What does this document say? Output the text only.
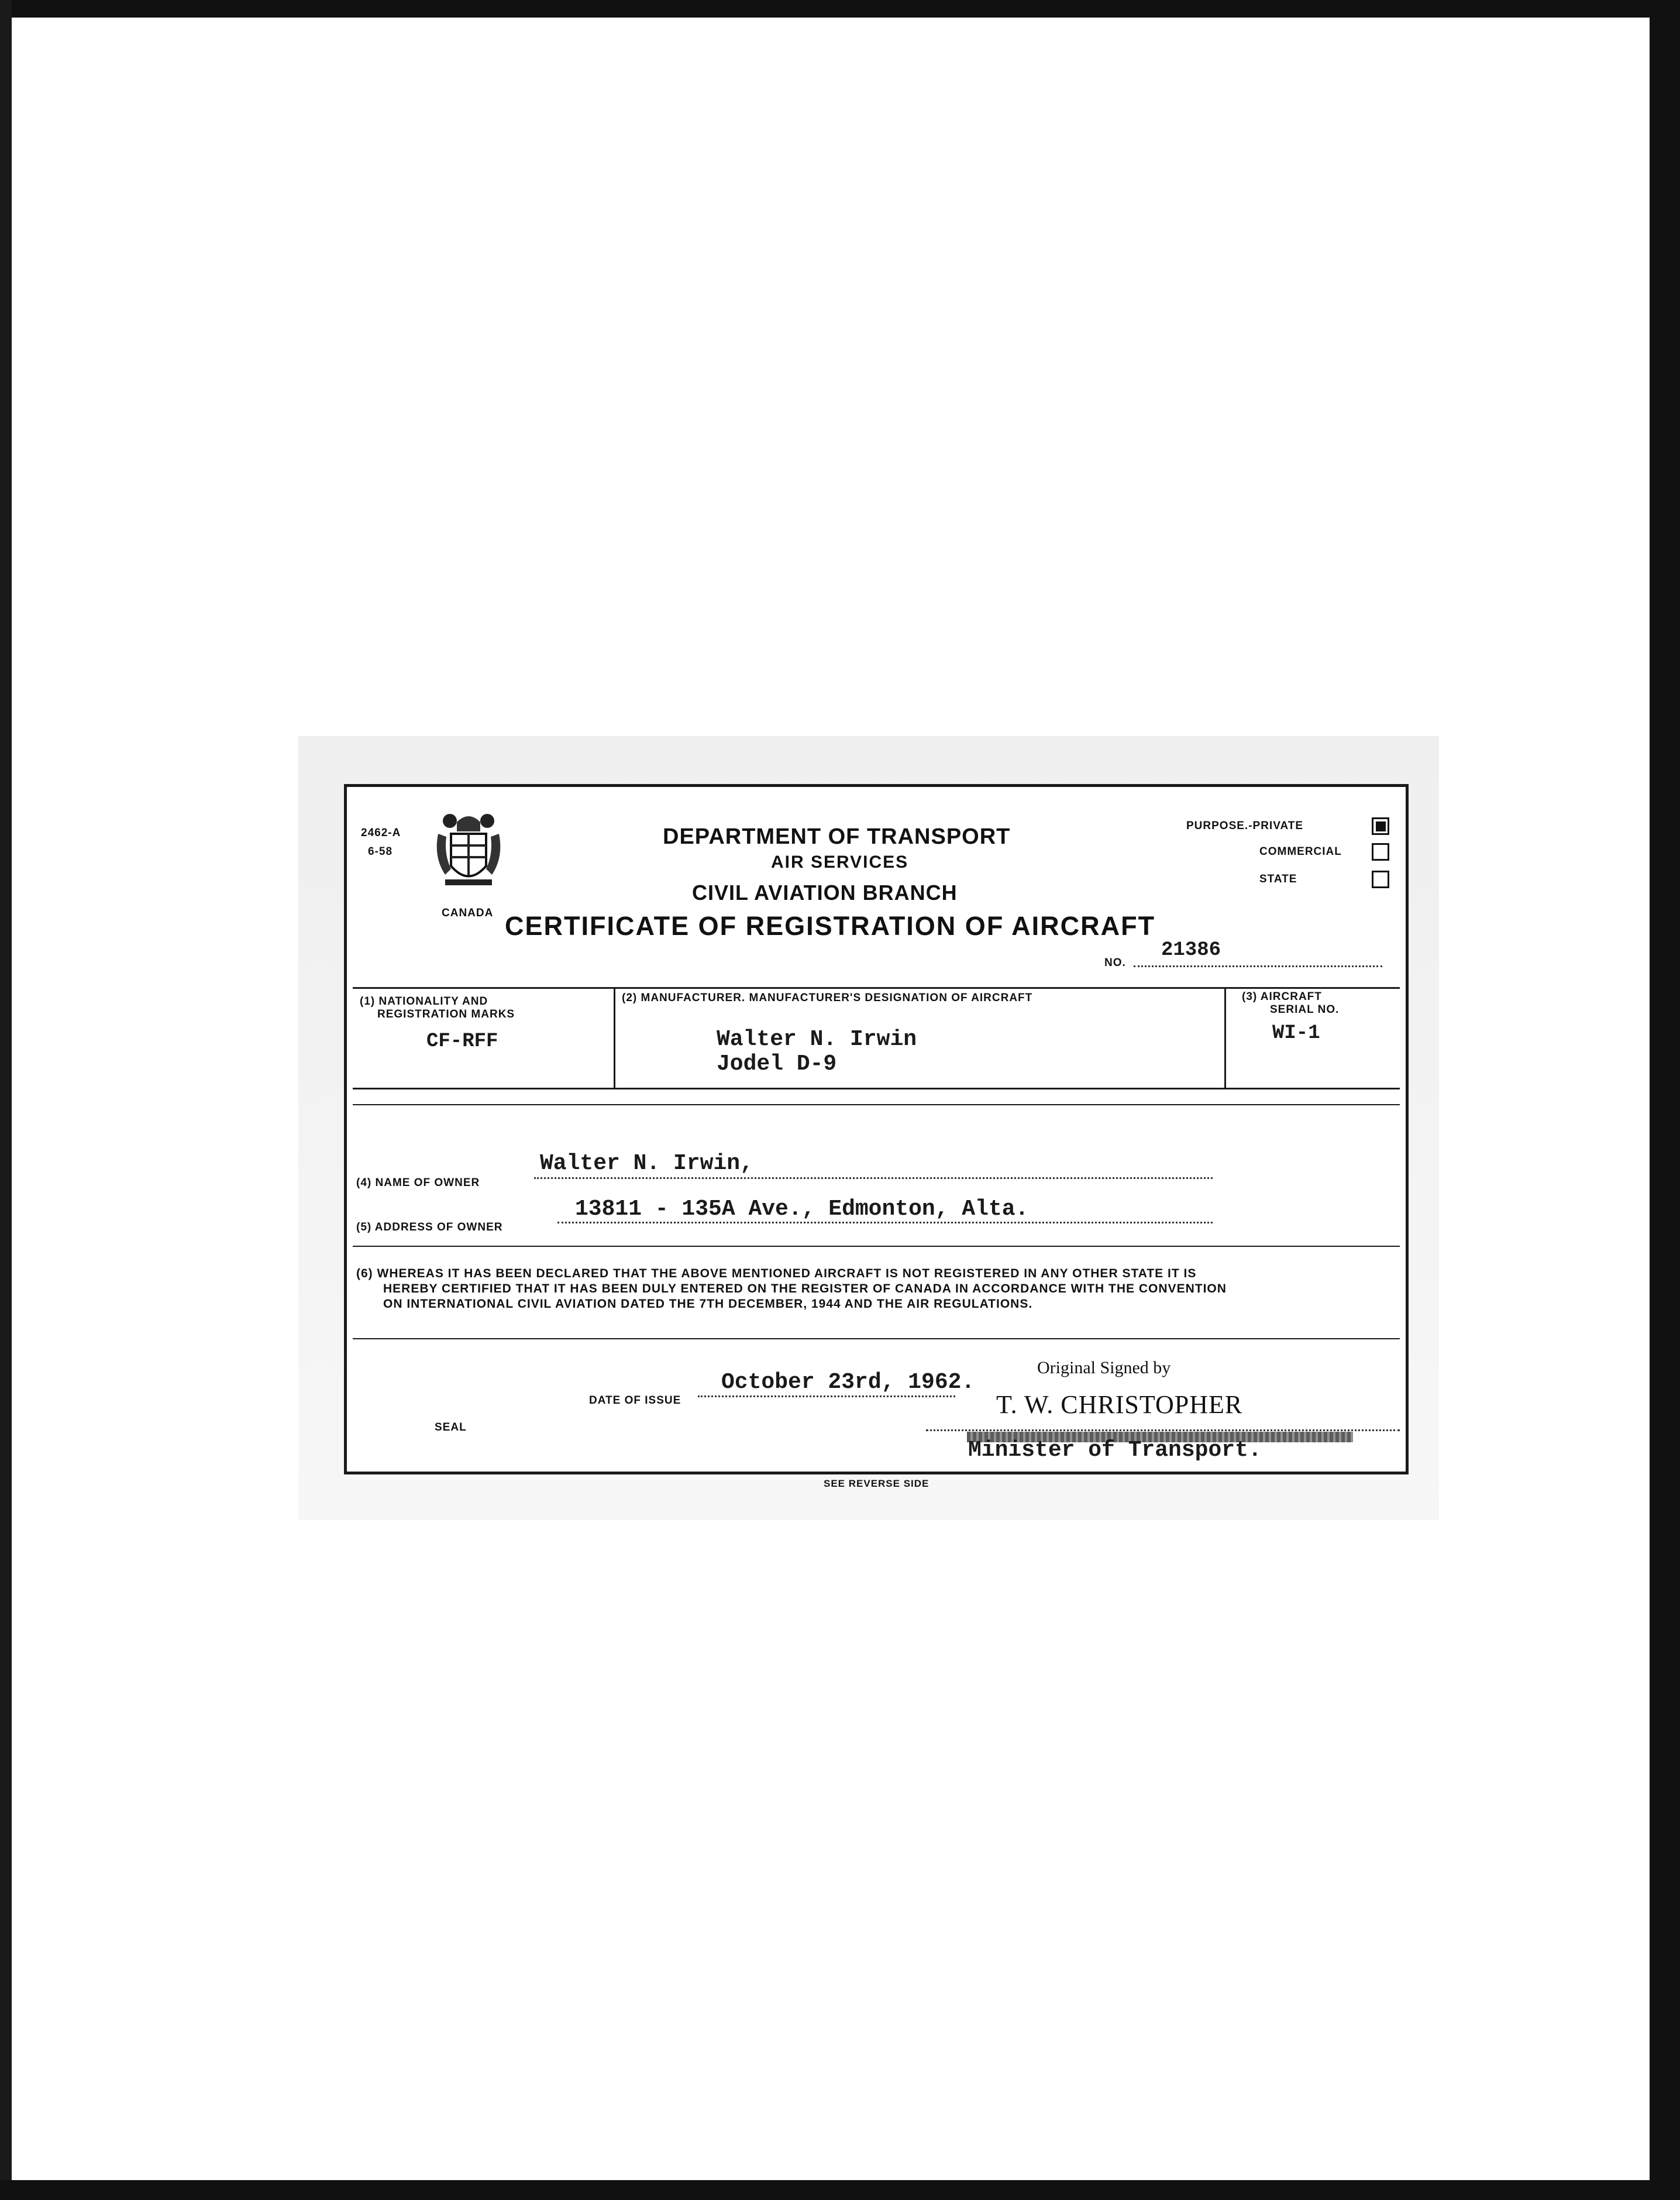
2462-A
6-58
CANADA
DEPARTMENT OF TRANSPORT
AIR SERVICES
CIVIL AVIATION BRANCH
CERTIFICATE OF REGISTRATION OF AIRCRAFT
NO.
21386
PURPOSE.-PRIVATE
COMMERCIAL
STATE
(1) NATIONALITY AND
REGISTRATION MARKS
CF-RFF
(2) MANUFACTURER. MANUFACTURER'S DESIGNATION OF AIRCRAFT
Walter N. Irwin
Jodel D-9
(3) AIRCRAFT
SERIAL NO.
WI-1
(4) NAME OF OWNER
Walter N. Irwin,
(5) ADDRESS OF OWNER
13811 - 135A Ave., Edmonton, Alta.
(6) WHEREAS IT HAS BEEN DECLARED THAT THE ABOVE MENTIONED AIRCRAFT IS NOT REGISTERED IN ANY OTHER STATE IT IS
HEREBY CERTIFIED THAT IT HAS BEEN DULY ENTERED ON THE REGISTER OF CANADA IN ACCORDANCE WITH THE CONVENTION
ON INTERNATIONAL CIVIL AVIATION DATED THE 7TH DECEMBER, 1944 AND THE AIR REGULATIONS.
DATE OF ISSUE
October 23rd, 1962.
SEAL
Original Signed by
T. W. CHRISTOPHER
Minister of Transport.
SEE REVERSE SIDE
